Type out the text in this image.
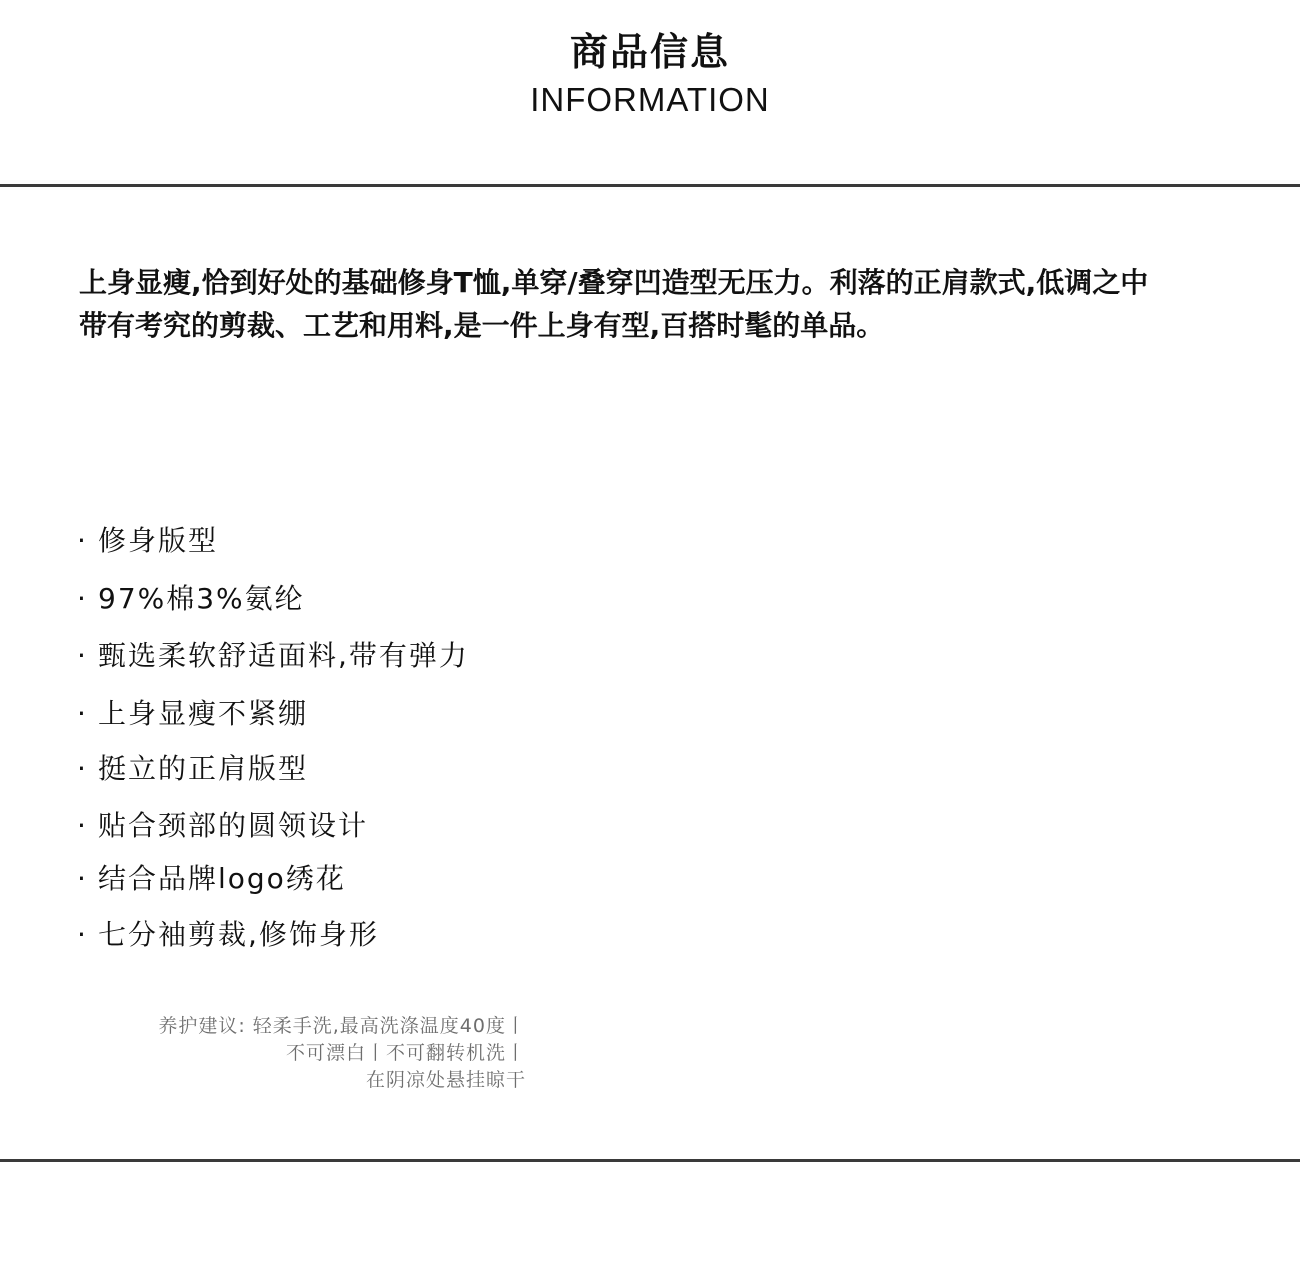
商品信息
INFORMATION
上身显瘦,恰到好处的基础修身T恤,单穿/叠穿凹造型无压力。利落的正肩款式,低调之中
带有考究的剪裁、工艺和用料,是一件上身有型,百搭时髦的单品。
· 修身版型
· 97%棉3%氨纶
· 甄选柔软舒适面料,带有弹力
· 上身显瘦不紧绷
· 挺立的正肩版型
· 贴合颈部的圆领设计
· 结合品牌logo绣花
· 七分袖剪裁,修饰身形
养护建议: 轻柔手洗,最高洗涤温度40度丨
不可漂白丨不可翻转机洗丨
在阴凉处悬挂晾干
